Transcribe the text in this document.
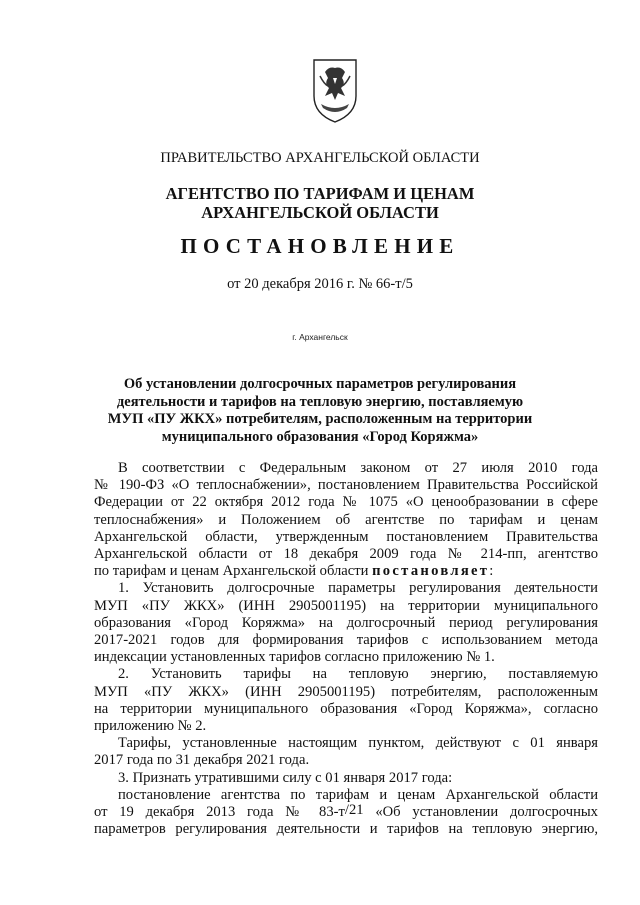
ПРАВИТЕЛЬСТВО АРХАНГЕЛЬСКОЙ ОБЛАСТИ
АГЕНТСТВО ПО ТАРИФАМ И ЦЕНАМ
АРХАНГЕЛЬСКОЙ ОБЛАСТИ
ПОСТАНОВЛЕНИЕ
от 20 декабря 2016 г. № 66-т/5
г. Архангельск
Об установлении долгосрочных параметров регулирования
деятельности и тарифов на тепловую энергию, поставляемую
МУП «ПУ ЖКХ» потребителям, расположенным на территории
муниципального образования «Город Коряжма»
В соответствии с Федеральным законом от 27 июля 2010 года
№ 190-ФЗ «О теплоснабжении», постановлением Правительства Российской
Федерации от 22 октября 2012 года № 1075 «О ценообразовании в сфере
теплоснабжения» и Положением об агентстве по тарифам и ценам
Архангельской области, утвержденным постановлением Правительства
Архангельской области от 18 декабря 2009 года № 214-пп, агентство
по тарифам и ценам Архангельской области постановляет:
1. Установить долгосрочные параметры регулирования деятельности
МУП «ПУ ЖКХ» (ИНН 2905001195) на территории муниципального
образования «Город Коряжма» на долгосрочный период регулирования
2017-2021 годов для формирования тарифов с использованием метода
индексации установленных тарифов согласно приложению № 1.
2. Установить тарифы на тепловую энергию, поставляемую
МУП «ПУ ЖКХ» (ИНН 2905001195) потребителям, расположенным
на территории муниципального образования «Город Коряжма», согласно
приложению № 2.
Тарифы, установленные настоящим пунктом, действуют с 01 января
2017 года по 31 декабря 2021 года.
3. Признать утратившими силу с 01 января 2017 года:
постановление агентства по тарифам и ценам Архангельской области
от 19 декабря 2013 года № 83-т/21 «Об установлении долгосрочных
параметров регулирования деятельности и тарифов на тепловую энергию,
